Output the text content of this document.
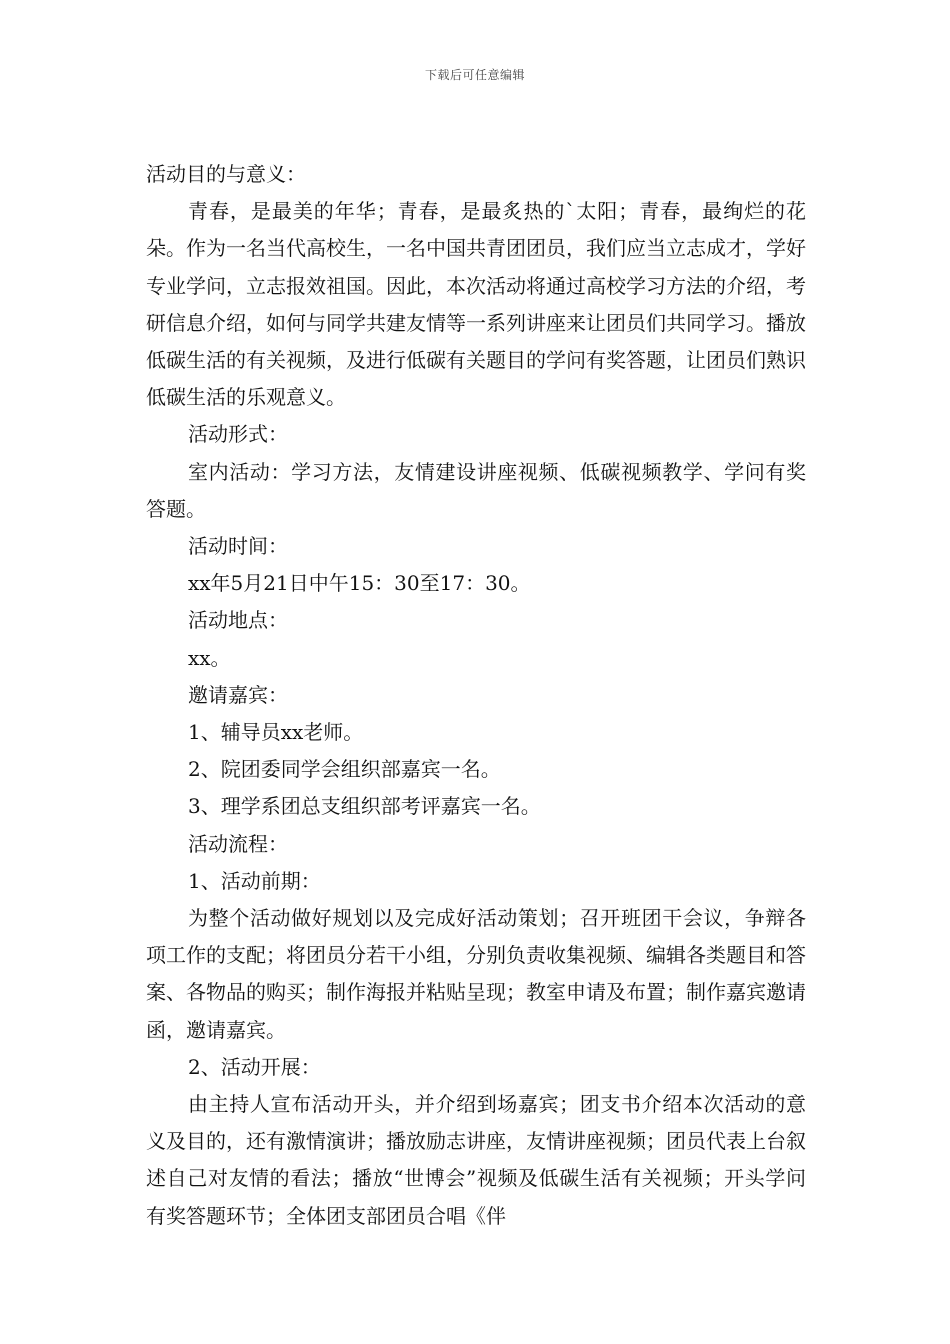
下载后可任意编辑

活动目的与意义：

青春，是最美的年华；青春，是最炙热的`太阳；青春，最绚烂的花朵。作为一名当代高校生，一名中国共青团团员，我们应当立志成才，学好专业学问，立志报效祖国。因此，本次活动将通过高校学习方法的介绍，考研信息介绍，如何与同学共建友情等一系列讲座来让团员们共同学习。播放低碳生活的有关视频，及进行低碳有关题目的学问有奖答题，让团员们熟识低碳生活的乐观意义。

活动形式：

室内活动：学习方法，友情建设讲座视频、低碳视频教学、学问有奖答题。

活动时间：

xx年5月21日中午15：30至17：30。

活动地点：

xx。

邀请嘉宾：

1、辅导员xx老师。

2、院团委同学会组织部嘉宾一名。

3、理学系团总支组织部考评嘉宾一名。

活动流程：

1、活动前期：

为整个活动做好规划以及完成好活动策划；召开班团干会议，争辩各项工作的支配；将团员分若干小组，分别负责收集视频、编辑各类题目和答案、各物品的购买；制作海报并粘贴呈现；教室申请及布置；制作嘉宾邀请函，邀请嘉宾。

2、活动开展：

由主持人宣布活动开头，并介绍到场嘉宾；团支书介绍本次活动的意义及目的，还有激情演讲；播放励志讲座，友情讲座视频；团员代表上台叙述自己对友情的看法；播放“世博会”视频及低碳生活有关视频；开头学问有奖答题环节；全体团支部团员合唱《伴
